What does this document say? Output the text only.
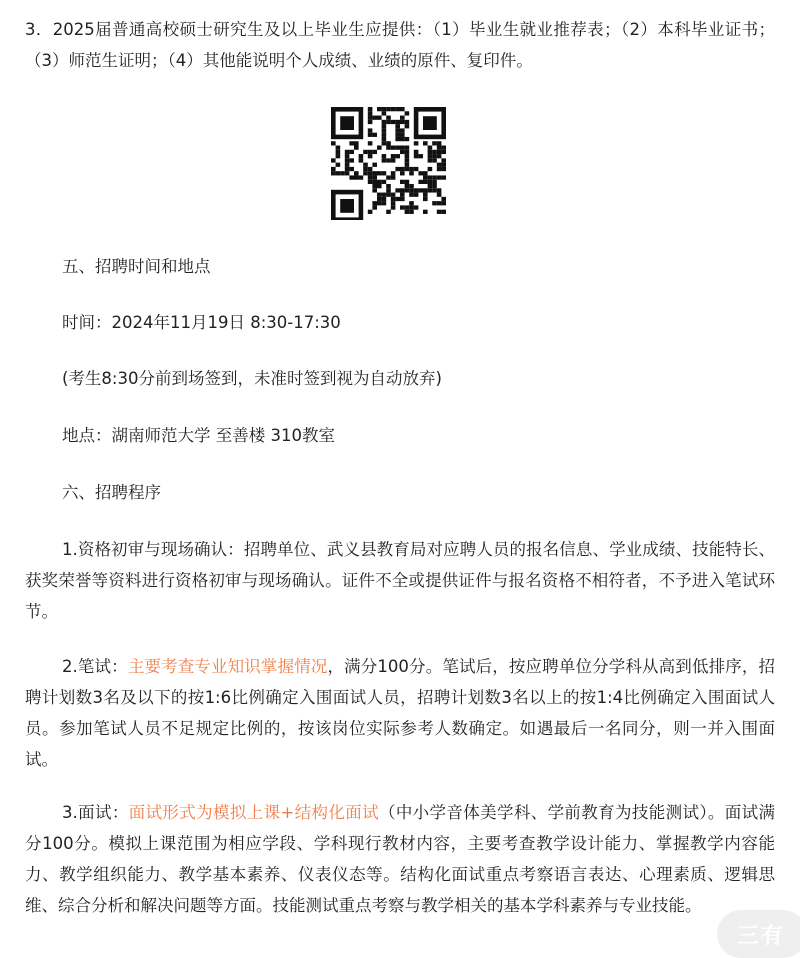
3．2025届普通高校硕士研究生及以上毕业生应提供：（1）毕业生就业推荐表；（2）本科毕业证书；（3）师范生证明；（4）其他能说明个人成绩、业绩的原件、复印件。

五、招聘时间和地点

时间：2024年11月19日 8:30-17:30

(考生8:30分前到场签到，未准时签到视为自动放弃)

地点：湖南师范大学 至善楼 310教室

六、招聘程序

1.资格初审与现场确认：招聘单位、武义县教育局对应聘人员的报名信息、学业成绩、技能特长、获奖荣誉等资料进行资格初审与现场确认。证件不全或提供证件与报名资格不相符者，不予进入笔试环节。

2.笔试：主要考查专业知识掌握情况，满分100分。笔试后，按应聘单位分学科从高到低排序，招聘计划数3名及以下的按1:6比例确定入围面试人员，招聘计划数3名以上的按1:4比例确定入围面试人员。参加笔试人员不足规定比例的，按该岗位实际参考人数确定。如遇最后一名同分，则一并入围面试。

3.面试：面试形式为模拟上课+结构化面试（中小学音体美学科、学前教育为技能测试）。面试满分100分。模拟上课范围为相应学段、学科现行教材内容，主要考查教学设计能力、掌握教学内容能力、教学组织能力、教学基本素养、仪表仪态等。结构化面试重点考察语言表达、心理素质、逻辑思维、综合分析和解决问题等方面。技能测试重点考察与教学相关的基本学科素养与专业技能。

三有
